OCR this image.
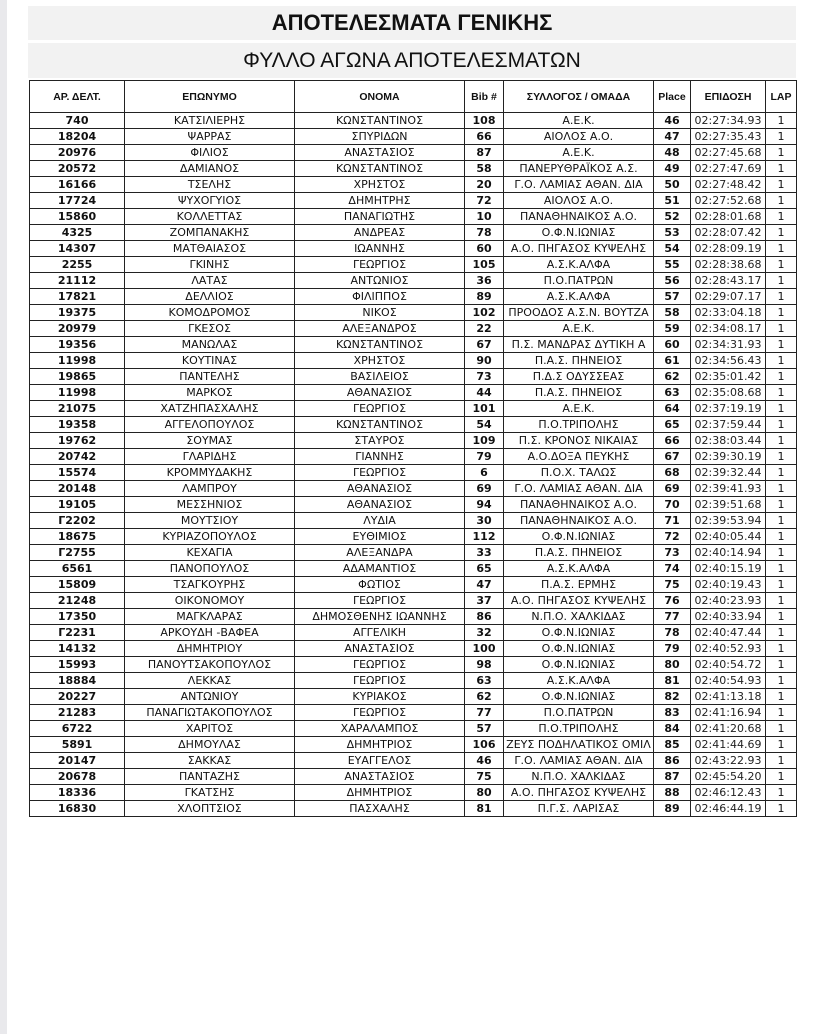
ΑΠΟΤΕΛΕΣΜΑΤΑ ΓΕΝΙΚΗΣ
ΦΥΛΛΟ ΑΓΩΝΑ ΑΠΟΤΕΛΕΣΜΑΤΩΝ
ΑΡ. ΔΕΛΤ.	ΕΠΩΝΥΜΟ	ΟΝΟΜΑ	Bib #	ΣΥΛΛΟΓΟΣ / ΟΜΑΔΑ	Place	ΕΠΙΔΟΣΗ	LAP
740	ΚΑΤΣΙΛΙΕΡΗΣ	ΚΩΝΣΤΑΝΤΙΝΟΣ	108	Α.Ε.Κ.	46	02:27:34.93	1
18204	ΨΑΡΡΑΣ	ΣΠΥΡΙΔΩΝ	66	ΑΙΟΛΟΣ Α.Ο.	47	02:27:35.43	1
20976	ΦΙΛΙΟΣ	ΑΝΑΣΤΑΣΙΟΣ	87	Α.Ε.Κ.	48	02:27:45.68	1
20572	ΔΑΜΙΑΝΟΣ	ΚΩΝΣΤΑΝΤΙΝΟΣ	58	ΠΑΝΕΡΥΘΡΑΪΚΟΣ Α.Σ.	49	02:27:47.69	1
16166	ΤΣΕΛΗΣ	ΧΡΗΣΤΟΣ	20	Γ.Ο. ΛΑΜΙΑΣ ΑΘΑΝ. ΔΙΑ	50	02:27:48.42	1
17724	ΨΥΧΟΓΥΙΟΣ	ΔΗΜΗΤΡΗΣ	72	ΑΙΟΛΟΣ Α.Ο.	51	02:27:52.68	1
15860	ΚΟΛΛΕΤΤΑΣ	ΠΑΝΑΓΙΩΤΗΣ	10	ΠΑΝΑΘΗΝΑΙΚΟΣ Α.Ο.	52	02:28:01.68	1
4325	ΖΟΜΠΑΝΑΚΗΣ	ΑΝΔΡΕΑΣ	78	Ο.Φ.Ν.ΙΩΝΙΑΣ	53	02:28:07.42	1
14307	ΜΑΤΘΑΙΑΣΟΣ	ΙΩΑΝΝΗΣ	60	Α.Ο. ΠΗΓΑΣΟΣ ΚΥΨΕΛΗΣ	54	02:28:09.19	1
2255	ΓΚΙΝΗΣ	ΓΕΩΡΓΙΟΣ	105	Α.Σ.Κ.ΑΛΦΑ	55	02:28:38.68	1
21112	ΛΑΤΑΣ	ΑΝΤΩΝΙΟΣ	36	Π.Ο.ΠΑΤΡΩΝ	56	02:28:43.17	1
17821	ΔΕΛΛΙΟΣ	ΦΙΛΙΠΠΟΣ	89	Α.Σ.Κ.ΑΛΦΑ	57	02:29:07.17	1
19375	ΚΟΜΟΔΡΟΜΟΣ	ΝΙΚΟΣ	102	ΠΡΟΟΔΟΣ Α.Σ.Ν. ΒΟΥΤΖΑ	58	02:33:04.18	1
20979	ΓΚΕΣΟΣ	ΑΛΕΞΑΝΔΡΟΣ	22	Α.Ε.Κ.	59	02:34:08.17	1
19356	ΜΑΝΩΛΑΣ	ΚΩΝΣΤΑΝΤΙΝΟΣ	67	Π.Σ. ΜΑΝΔΡΑΣ ΔΥΤΙΚΗ Α	60	02:34:31.93	1
11998	ΚΟΥΤΙΝΑΣ	ΧΡΗΣΤΟΣ	90	Π.Α.Σ. ΠΗΝΕΙΟΣ	61	02:34:56.43	1
19865	ΠΑΝΤΕΛΗΣ	ΒΑΣΙΛΕΙΟΣ	73	Π.Δ.Σ ΟΔΥΣΣΕΑΣ	62	02:35:01.42	1
11998	ΜΑΡΚΟΣ	ΑΘΑΝΑΣΙΟΣ	44	Π.Α.Σ. ΠΗΝΕΙΟΣ	63	02:35:08.68	1
21075	ΧΑΤΖΗΠΑΣΧΑΛΗΣ	ΓΕΩΡΓΙΟΣ	101	Α.Ε.Κ.	64	02:37:19.19	1
19358	ΑΓΓΕΛΟΠΟΥΛΟΣ	ΚΩΝΣΤΑΝΤΙΝΟΣ	54	Π.Ο.ΤΡΙΠΟΛΗΣ	65	02:37:59.44	1
19762	ΣΟΥΜΑΣ	ΣΤΑΥΡΟΣ	109	Π.Σ. ΚΡΟΝΟΣ ΝΙΚΑΙΑΣ	66	02:38:03.44	1
20742	ΓΛΑΡΙΔΗΣ	ΓΙΑΝΝΗΣ	79	Α.Ο.ΔΟΞΑ ΠΕΥΚΗΣ	67	02:39:30.19	1
15574	ΚΡΟΜΜΥΔΑΚΗΣ	ΓΕΩΡΓΙΟΣ	6	Π.Ο.Χ. ΤΑΛΩΣ	68	02:39:32.44	1
20148	ΛΑΜΠΡΟΥ	ΑΘΑΝΑΣΙΟΣ	69	Γ.Ο. ΛΑΜΙΑΣ ΑΘΑΝ. ΔΙΑ	69	02:39:41.93	1
19105	ΜΕΣΣΗΝΙΟΣ	ΑΘΑΝΑΣΙΟΣ	94	ΠΑΝΑΘΗΝΑΙΚΟΣ Α.Ο.	70	02:39:51.68	1
Γ2202	ΜΟΥΤΣΙΟΥ	ΛΥΔΙΑ	30	ΠΑΝΑΘΗΝΑΙΚΟΣ Α.Ο.	71	02:39:53.94	1
18675	ΚΥΡΙΑΖΟΠΟΥΛΟΣ	ΕΥΘΙΜΙΟΣ	112	Ο.Φ.Ν.ΙΩΝΙΑΣ	72	02:40:05.44	1
Γ2755	ΚΕΧΑΓΙΑ	ΑΛΕΞΑΝΔΡΑ	33	Π.Α.Σ. ΠΗΝΕΙΟΣ	73	02:40:14.94	1
6561	ΠΑΝΟΠΟΥΛΟΣ	ΑΔΑΜΑΝΤΙΟΣ	65	Α.Σ.Κ.ΑΛΦΑ	74	02:40:15.19	1
15809	ΤΣΑΓΚΟΥΡΗΣ	ΦΩΤΙΟΣ	47	Π.Α.Σ. ΕΡΜΗΣ	75	02:40:19.43	1
21248	ΟΙΚΟΝΟΜΟΥ	ΓΕΩΡΓΙΟΣ	37	Α.Ο. ΠΗΓΑΣΟΣ ΚΥΨΕΛΗΣ	76	02:40:23.93	1
17350	ΜΑΓΚΛΑΡΑΣ	ΔΗΜΟΣΘΕΝΗΣ ΙΩΑΝΝΗΣ	86	Ν.Π.Ο. ΧΑΛΚΙΔΑΣ	77	02:40:33.94	1
Γ2231	ΑΡΚΟΥΔΗ -ΒΑΦΕΑ	ΑΓΓΕΛΙΚΗ	32	Ο.Φ.Ν.ΙΩΝΙΑΣ	78	02:40:47.44	1
14132	ΔΗΜΗΤΡΙΟΥ	ΑΝΑΣΤΑΣΙΟΣ	100	Ο.Φ.Ν.ΙΩΝΙΑΣ	79	02:40:52.93	1
15993	ΠΑΝΟΥΤΣΑΚΟΠΟΥΛΟΣ	ΓΕΩΡΓΙΟΣ	98	Ο.Φ.Ν.ΙΩΝΙΑΣ	80	02:40:54.72	1
18884	ΛΕΚΚΑΣ	ΓΕΩΡΓΙΟΣ	63	Α.Σ.Κ.ΑΛΦΑ	81	02:40:54.93	1
20227	ΑΝΤΩΝΙΟΥ	ΚΥΡΙΑΚΟΣ	62	Ο.Φ.Ν.ΙΩΝΙΑΣ	82	02:41:13.18	1
21283	ΠΑΝΑΓΙΩΤΑΚΟΠΟΥΛΟΣ	ΓΕΩΡΓΙΟΣ	77	Π.Ο.ΠΑΤΡΩΝ	83	02:41:16.94	1
6722	ΧΑΡΙΤΟΣ	ΧΑΡΑΛΑΜΠΟΣ	57	Π.Ο.ΤΡΙΠΟΛΗΣ	84	02:41:20.68	1
5891	ΔΗΜΟΥΛΑΣ	ΔΗΜΗΤΡΙΟΣ	106	ΖΕΥΣ ΠΟΔΗΛΑΤΙΚΟΣ ΟΜΙΛ	85	02:41:44.69	1
20147	ΣΑΚΚΑΣ	ΕΥΑΓΓΕΛΟΣ	46	Γ.Ο. ΛΑΜΙΑΣ ΑΘΑΝ. ΔΙΑ	86	02:43:22.93	1
20678	ΠΑΝΤΑΖΗΣ	ΑΝΑΣΤΑΣΙΟΣ	75	Ν.Π.Ο. ΧΑΛΚΙΔΑΣ	87	02:45:54.20	1
18336	ΓΚΑΤΣΗΣ	ΔΗΜΗΤΡΙΟΣ	80	Α.Ο. ΠΗΓΑΣΟΣ ΚΥΨΕΛΗΣ	88	02:46:12.43	1
16830	ΧΛΟΠΤΣΙΟΣ	ΠΑΣΧΑΛΗΣ	81	Π.Γ.Σ. ΛΑΡΙΣΑΣ	89	02:46:44.19	1
